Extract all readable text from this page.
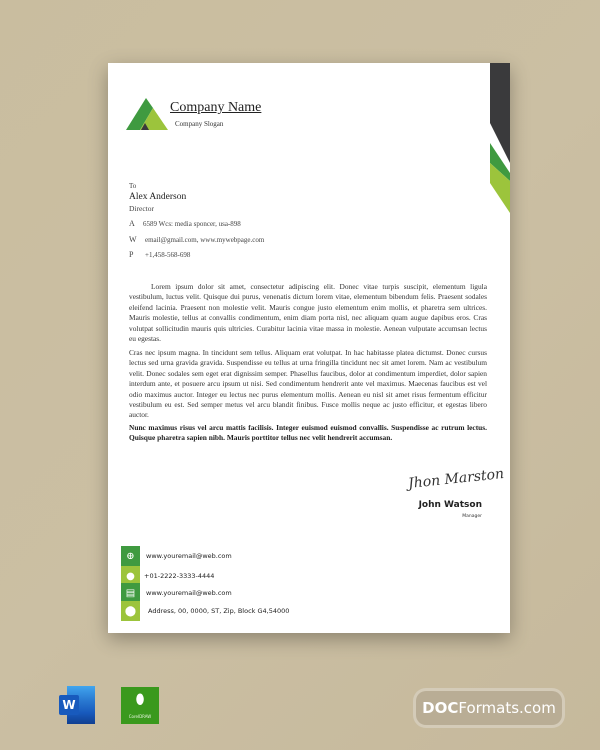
Company Name
Company Slogan
To
Alex Anderson
Director
A 6589 Wcs: media sponcer, usa-898
W email@gmail.com, www.mywebpage.com
P +1,458-568-698
Lorem ipsum dolor sit amet, consectetur adipiscing elit. Donec vitae turpis suscipit, elementum ligula vestibulum, luctus velit. Quisque dui purus, venenatis dictum lorem vitae, elementum bibendum felis. Praesent sodales eleifend lacinia. Praesent non molestie velit. Mauris congue justo elementum enim mollis, et pharetra sem ultrices. Mauris molestie, tellus at convallis condimentum, enim diam porta nisl, nec aliquam quam augue dapibus eros. Cras volutpat sollicitudin mauris quis ultricies. Curabitur lacinia vitae massa in molestie. Aenean vulputate accumsan lectus eu egestas.
Cras nec ipsum magna. In tincidunt sem tellus. Aliquam erat volutpat. In hac habitasse platea dictumst. Donec cursus lectus sed urna gravida gravida. Suspendisse eu tellus at urna fringilla tincidunt nec sit amet lorem. Nam ac vestibulum velit. Donec sodales sem eget erat dignissim semper. Phasellus faucibus, dolor at condimentum imperdiet, dolor sapien interdum ante, et posuere arcu ipsum ut nisi. Sed condimentum hendrerit ante vel maximus. Maecenas faucibus est vel odio maximus auctor. Integer eu lectus nec purus elementum mollis. Aenean eu nisl sit amet risus fermentum efficitur vestibulum eu est. Sed semper metus vel arcu blandit finibus. Fusce mollis neque ac justo efficitur, et egestas libero auctor.
Nunc maximus risus vel arcu mattis facilisis. Integer euismod euismod convallis. Suspendisse ac rutrum lectus. Quisque pharetra sapien nibh. Mauris porttitor tellus nec velit hendrerit accumsan.
Jhon Marston
John Watson
Manager
⊕	www.youremail@web.com
●	+01-2222-3333-4444
▤	www.youremail@web.com
⬤	Address, 00, 0000, ST, Zip, Block G4,54000
W	⬮
CorelDRAW	DOC Formats.com
